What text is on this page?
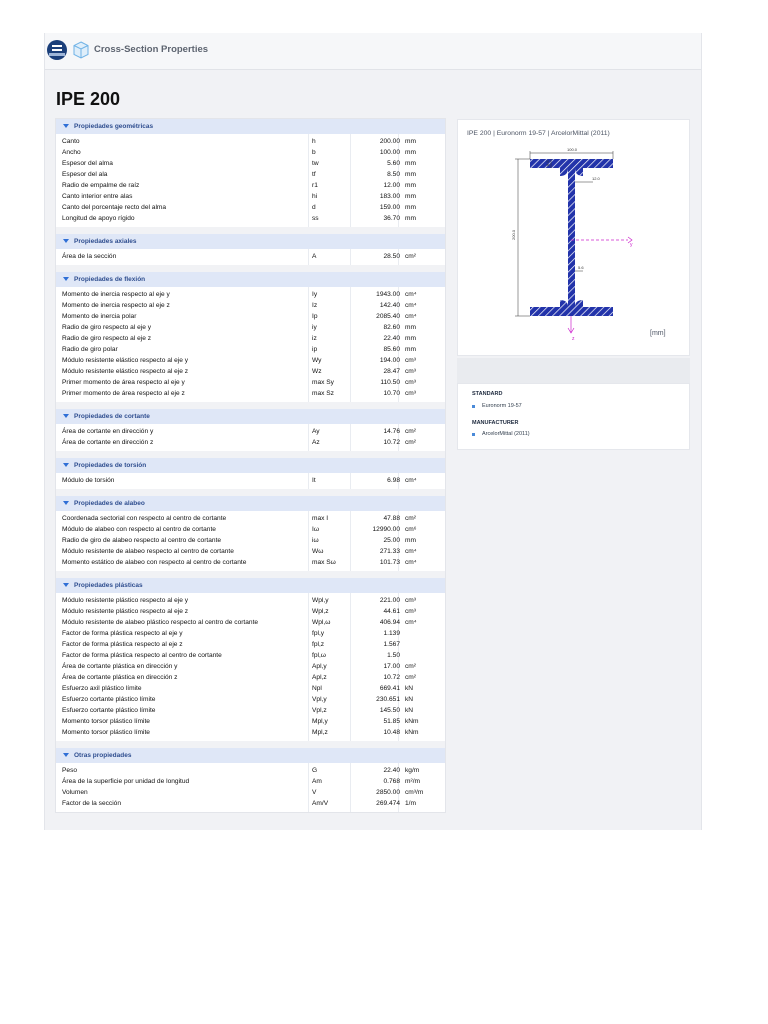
Cross-Section Properties
IPE 200
Propiedades geométricas
Canto	h	200.00 mm
Ancho	b	100.00 mm
Espesor del alma	tw	5.60 mm
Espesor del ala	tf	8.50 mm
Radio de empalme de raíz	r1	12.00 mm
Canto interior entre alas	hi	183.00 mm
Canto del porcentaje recto del alma	d	159.00 mm
Longitud de apoyo rígido	ss	36.70 mm
Propiedades axiales
Área de la sección	A	28.50 cm²
Propiedades de flexión
Momento de inercia respecto al eje y	Iy	1943.00 cm⁴
Momento de inercia respecto al eje z	Iz	142.40 cm⁴
Momento de inercia polar	Ip	2085.40 cm⁴
Radio de giro respecto al eje y	iy	82.60 mm
Radio de giro respecto al eje z	iz	22.40 mm
Radio de giro polar	ip	85.60 mm
Módulo resistente elástico respecto al eje y	Wy	194.00 cm³
Módulo resistente elástico respecto al eje z	Wz	28.47 cm³
Primer momento de área respecto al eje y	max Sy	110.50 cm³
Primer momento de área respecto al eje z	max Sz	10.70 cm³
Propiedades de cortante
Área de cortante en dirección y	Ay	14.76 cm²
Área de cortante en dirección z	Az	10.72 cm²
Propiedades de torsión
Módulo de torsión	It	6.98 cm⁴
Propiedades de alabeo
Coordenada sectorial con respecto al centro de cortante	max I	47.88 cm²
Módulo de alabeo con respecto al centro de cortante	Iω	12990.00 cm⁶
Radio de giro de alabeo respecto al centro de cortante	iω	25.00 mm
Módulo resistente de alabeo respecto al centro de cortante	Wω	271.33 cm⁴
Momento estático de alabeo con respecto al centro de cortante	max Sω	101.73 cm⁴
Propiedades plásticas
Módulo resistente plástico respecto al eje y	Wpl,y	221.00 cm³
Módulo resistente plástico respecto al eje z	Wpl,z	44.61 cm³
Módulo resistente de alabeo plástico respecto al centro de cortante	Wpl,ω	406.94 cm⁴
Factor de forma plástica respecto al eje y	fpl,y	1.139
Factor de forma plástica respecto al eje z	fpl,z	1.567
Factor de forma plástica respecto al centro de cortante	fpl,ω	1.50
Área de cortante plástica en dirección y	Apl,y	17.00 cm²
Área de cortante plástica en dirección z	Apl,z	10.72 cm²
Esfuerzo axil plástico límite	Npl	669.41 kN
Esfuerzo cortante plástico límite	Vpl,y	230.651 kN
Esfuerzo cortante plástico límite	Vpl,z	145.50 kN
Momento torsor plástico límite	Mpl,y	51.85 kNm
Momento torsor plástico límite	Mpl,z	10.48 kNm
Otras propiedades
Peso	G	22.40 kg/m
Área de la superficie por unidad de longitud	Am	0.768 m²/m
Volumen	V	2850.00 cm³/m
Factor de la sección	Am/V	269.474 1/m
IPE 200 | Euronorm 19-57 | ArcelorMittal (2011)
100.0
200.0
8.5
12.0
5.6
y
z
[mm]
STANDARD
Euronorm 19-57
MANUFACTURER
ArcelorMittal (2011)
